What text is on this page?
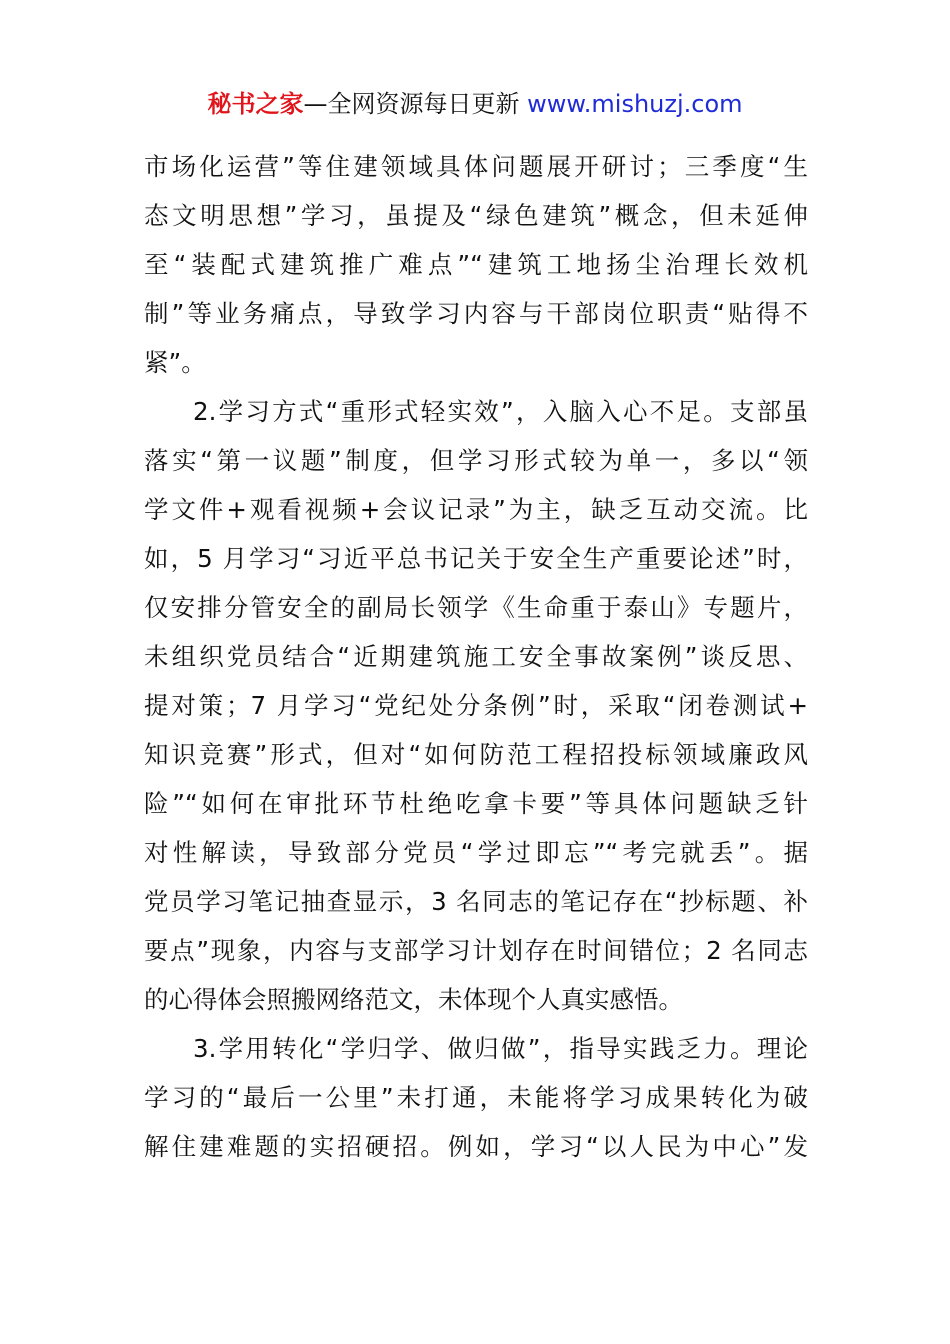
秘书之家—全网资源每日更新 www.mishuzj.com
市场化运营”等住建领域具体问题展开研讨；三季度“生
态文明思想”学习，虽提及“绿色建筑”概念，但未延伸
至“装配式建筑推广难点”“建筑工地扬尘治理长效机
制”等业务痛点，导致学习内容与干部岗位职责“贴得不
紧”。
2.学习方式“重形式轻实效”，入脑入心不足。支部虽
落实“第一议题”制度，但学习形式较为单一，多以“领
学文件+观看视频+会议记录”为主，缺乏互动交流。比
如，5 月学习“习近平总书记关于安全生产重要论述”时，
仅安排分管安全的副局长领学《生命重于泰山》专题片，
未组织党员结合“近期建筑施工安全事故案例”谈反思、
提对策；7 月学习“党纪处分条例”时，采取“闭卷测试+
知识竞赛”形式，但对“如何防范工程招投标领域廉政风
险”“如何在审批环节杜绝吃拿卡要”等具体问题缺乏针
对性解读，导致部分党员“学过即忘”“考完就丢”。据
党员学习笔记抽查显示，3 名同志的笔记存在“抄标题、补
要点”现象，内容与支部学习计划存在时间错位；2 名同志
的心得体会照搬网络范文，未体现个人真实感悟。
3.学用转化“学归学、做归做”，指导实践乏力。理论
学习的“最后一公里”未打通，未能将学习成果转化为破
解住建难题的实招硬招。例如，学习“以人民为中心”发
